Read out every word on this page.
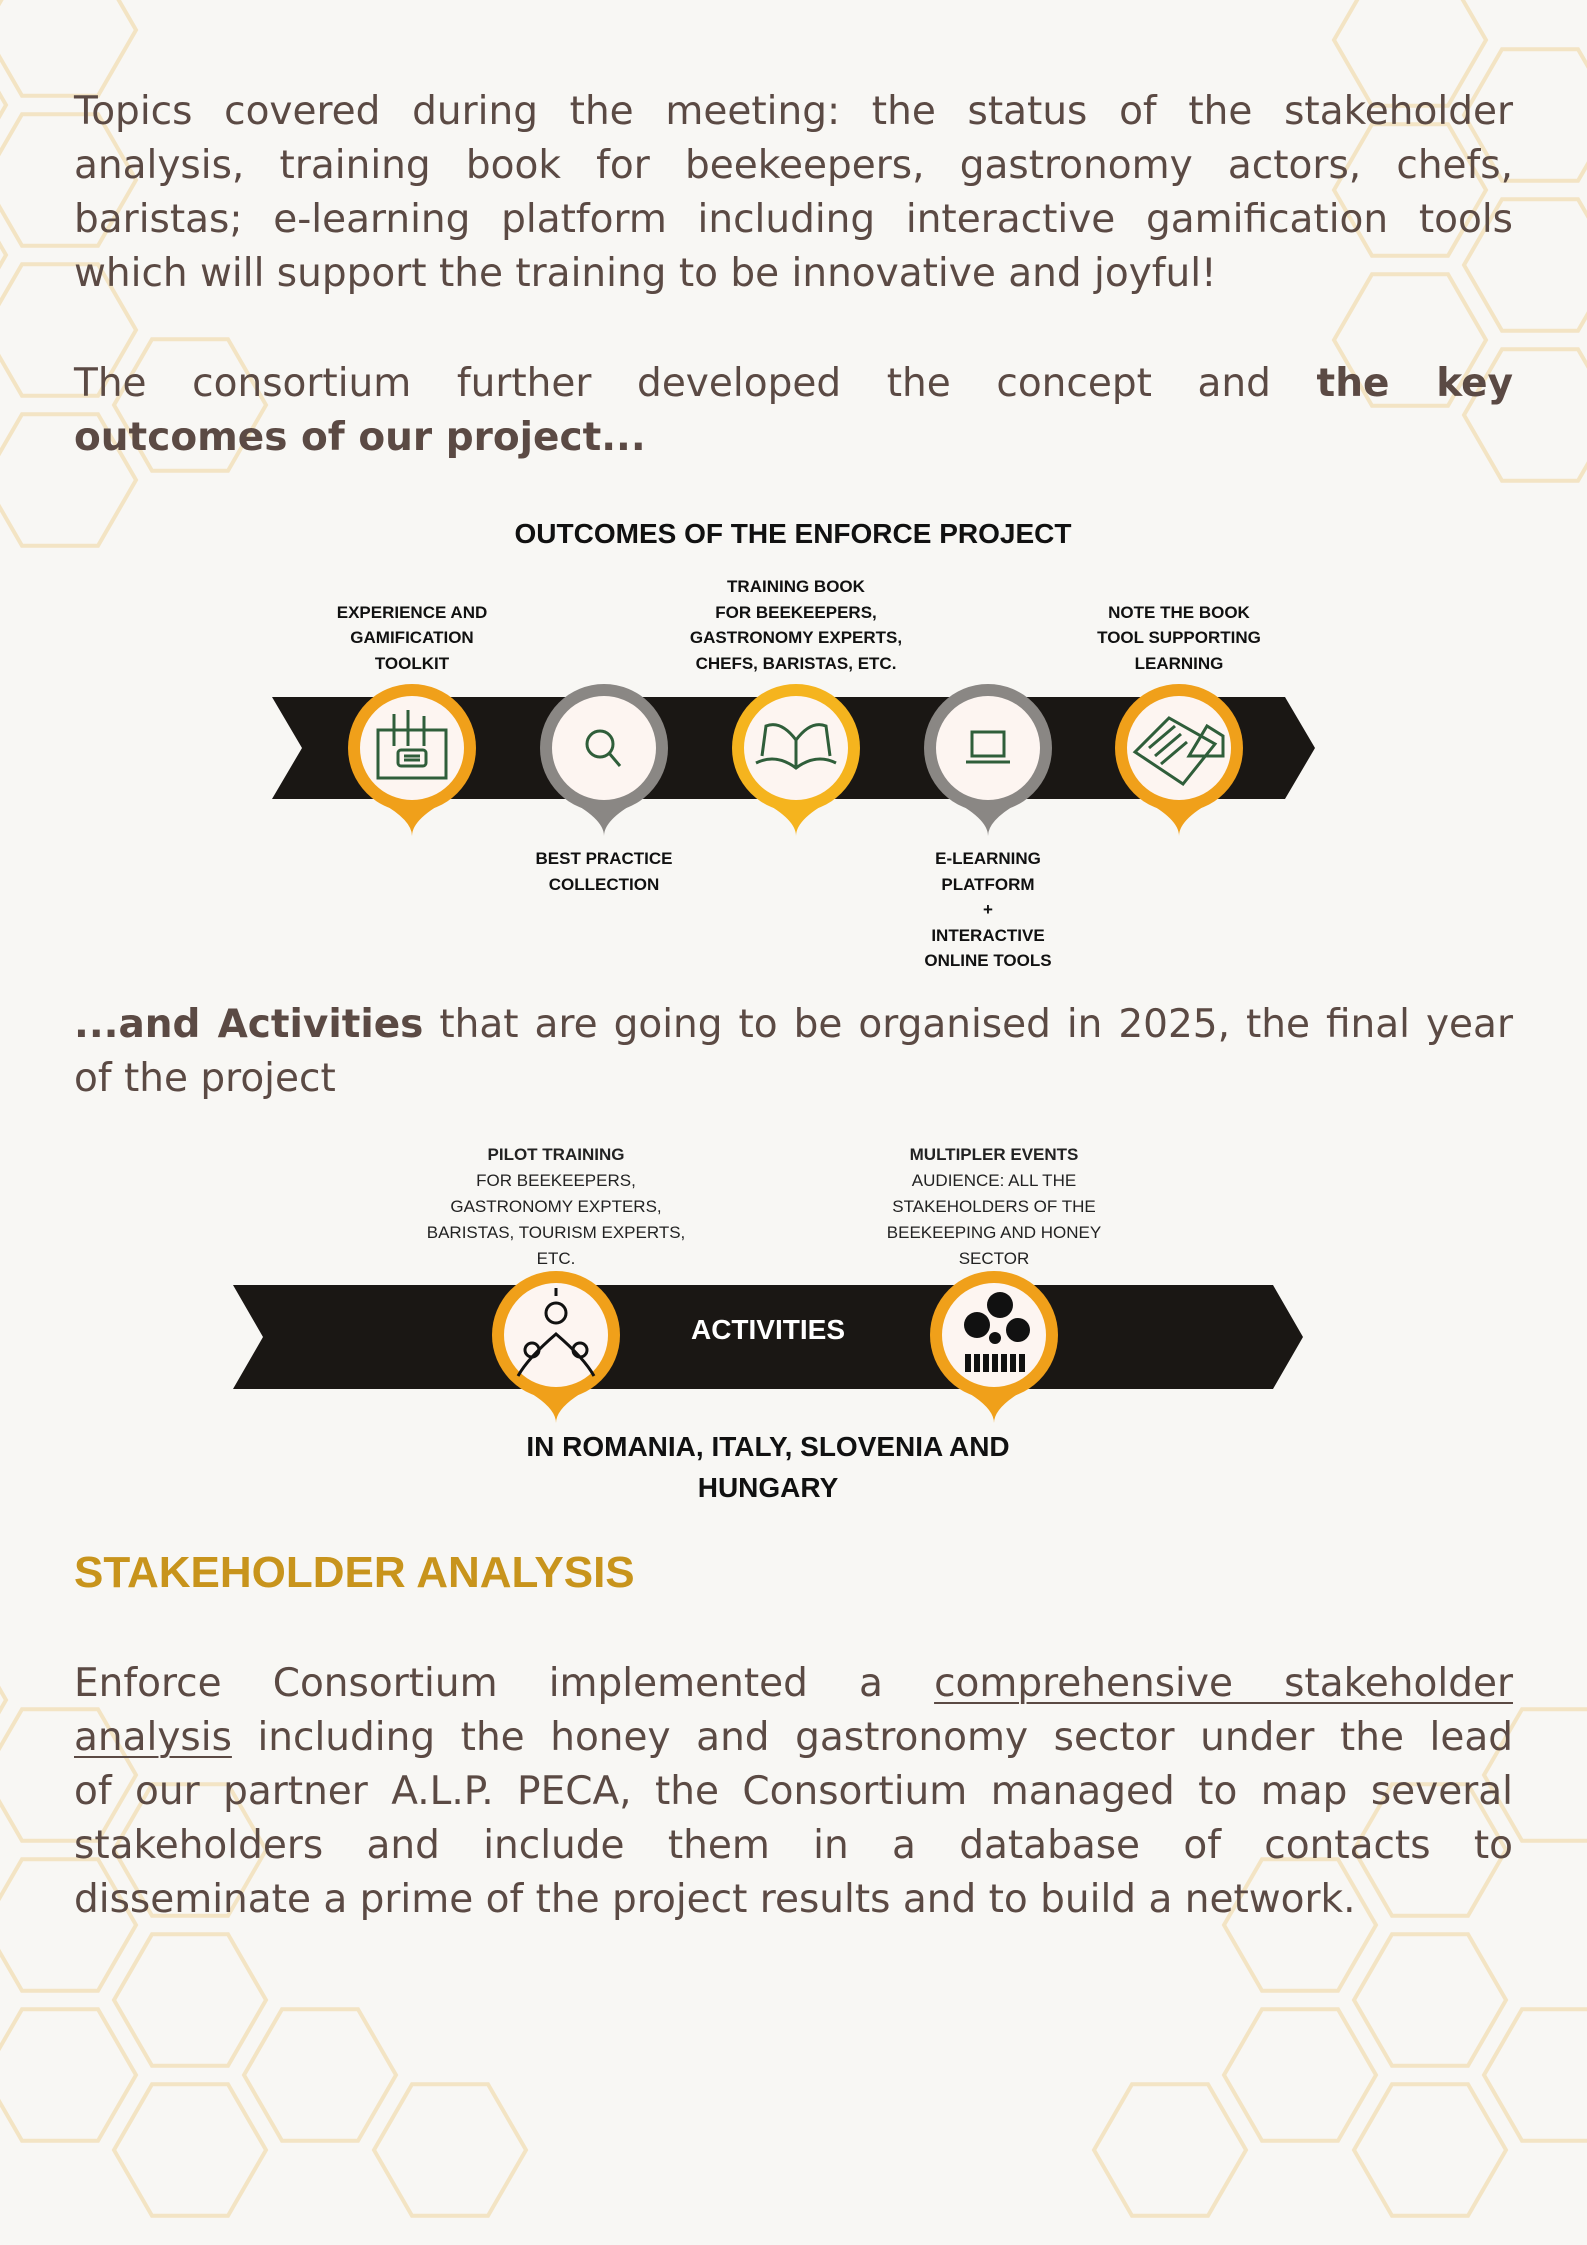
Topics covered during the meeting: the status of the stakeholder
analysis, training book for beekeepers, gastronomy actors, chefs,
baristas; e-learning platform including interactive gamification tools
which will support the training to be innovative and joyful!
The consortium further developed the concept and the key
outcomes of our project...
OUTCOMES OF THE ENFORCE PROJECT
EXPERIENCE AND
GAMIFICATION
TOOLKIT
BEST PRACTICE
COLLECTION
TRAINING BOOK
FOR BEEKEEPERS,
GASTRONOMY EXPERTS,
CHEFS, BARISTAS, ETC.
E-LEARNING
PLATFORM
+
INTERACTIVE
ONLINE TOOLS
NOTE THE BOOK
TOOL SUPPORTING
LEARNING
...and Activities that are going to be organised in 2025, the final year
of the project
PILOT TRAINING
FOR BEEKEEPERS,
GASTRONOMY EXPTERS,
BARISTAS, TOURISM EXPERTS,
ETC.
MULTIPLER EVENTS
AUDIENCE: ALL THE
STAKEHOLDERS OF THE
BEEKEEPING AND HONEY
SECTOR
ACTIVITIES
IN ROMANIA, ITALY, SLOVENIA AND
HUNGARY
STAKEHOLDER ANALYSIS
Enforce Consortium implemented a comprehensive stakeholder
analysis including the honey and gastronomy sector under the lead
of our partner A.L.P. PECA, the Consortium managed to map several
stakeholders and include them in a database of contacts to
disseminate a prime of the project results and to build a network.
